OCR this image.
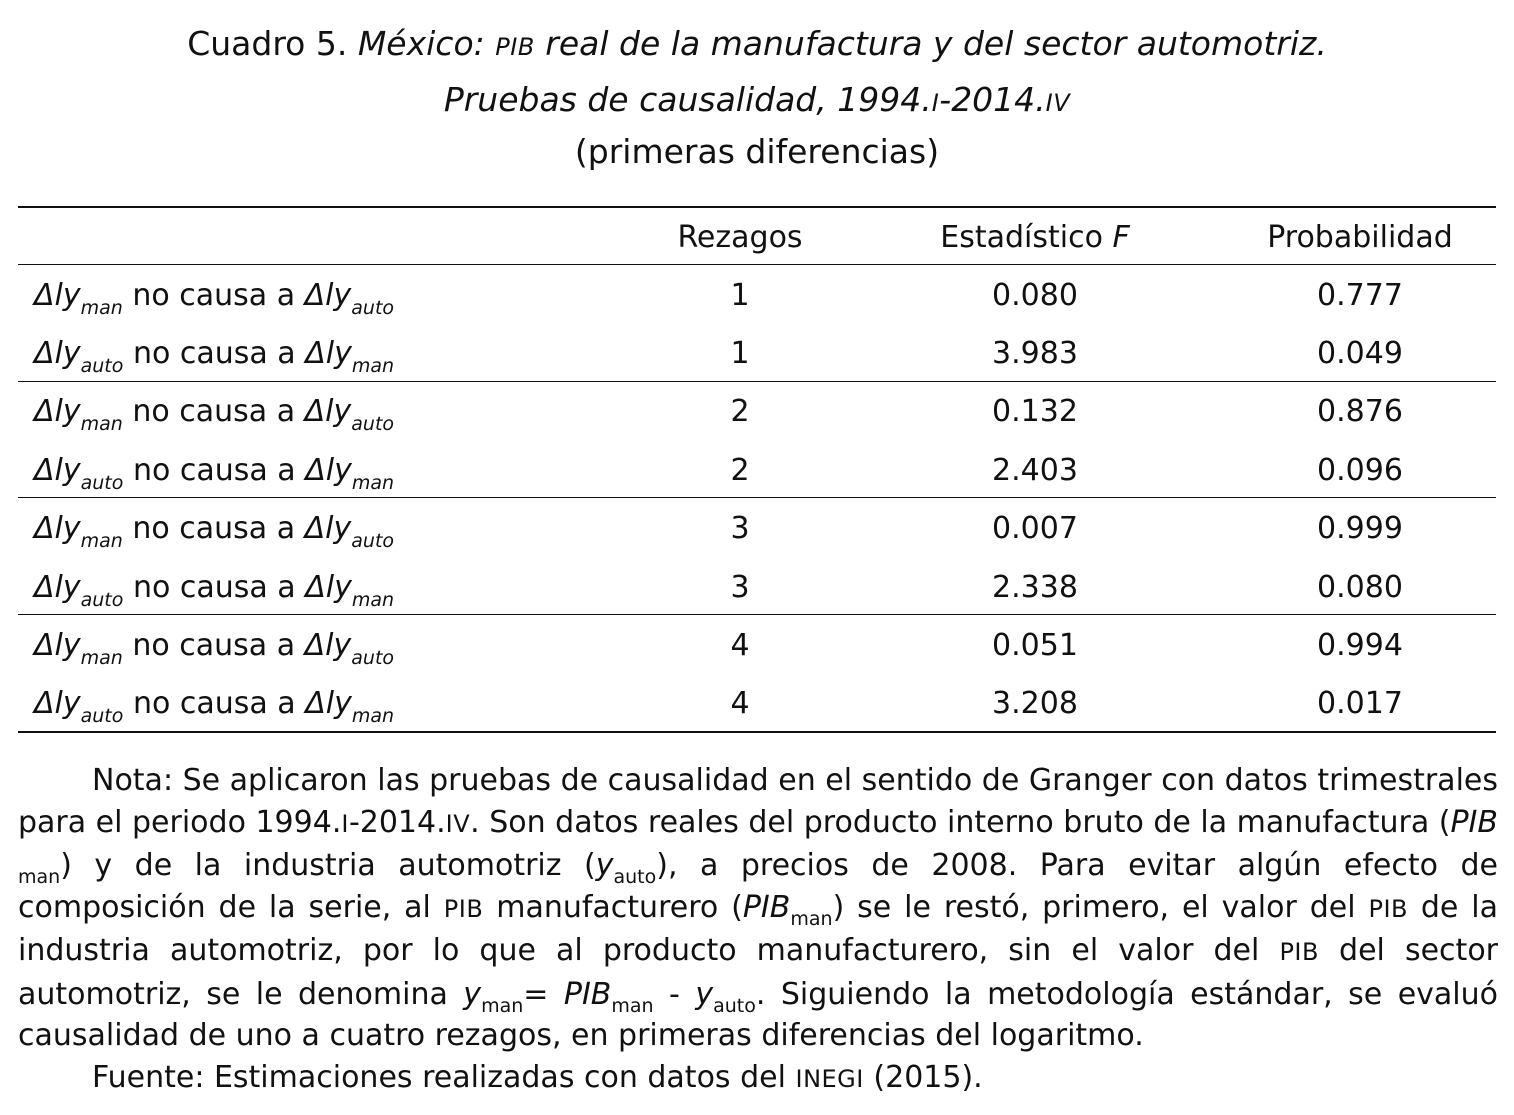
Cuadro 5. México: PIB real de la manufactura y del sector automotriz.
Pruebas de causalidad, 1994.I-2014.IV
(primeras diferencias)
Rezagos	Estadístico F	Probabilidad
Δly$_{man}$ no causa a Δly$_{auto}$	1	0.080	0.777
Δly$_{auto}$ no causa a Δly$_{man}$	1	3.983	0.049
Δly$_{man}$ no causa a Δly$_{auto}$	2	0.132	0.876
Δly$_{auto}$ no causa a Δly$_{man}$	2	2.403	0.096
Δly$_{man}$ no causa a Δly$_{auto}$	3	0.007	0.999
Δly$_{auto}$ no causa a Δly$_{man}$	3	2.338	0.080
Δly$_{man}$ no causa a Δly$_{auto}$	4	0.051	0.994
Δly$_{auto}$ no causa a Δly$_{man}$	4	3.208	0.017

Nota: Se aplicaron las pruebas de causalidad en el sentido de Granger con datos trimestrales para el periodo 1994.I-2014.IV. Son datos reales del producto interno bruto de la manufactura (PIB $_{man}$) y de la industria automotriz $(y_{auto})$, a precios de 2008. Para evitar algún efecto de composición de la serie, al PIB manufacturero $(PIB_{man})$ se le restó, primero, el valor del PIB de la industria automotriz, por lo que al producto manufacturero, sin el valor del PIB del sector automotriz, se le denomina $y_{man}= PIB_{man} - y_{auto}$. Siguiendo la metodología estándar, se evaluó causalidad de uno a cuatro rezagos, en primeras diferencias del logaritmo.

Fuente: Estimaciones realizadas con datos del INEGI (2015).
